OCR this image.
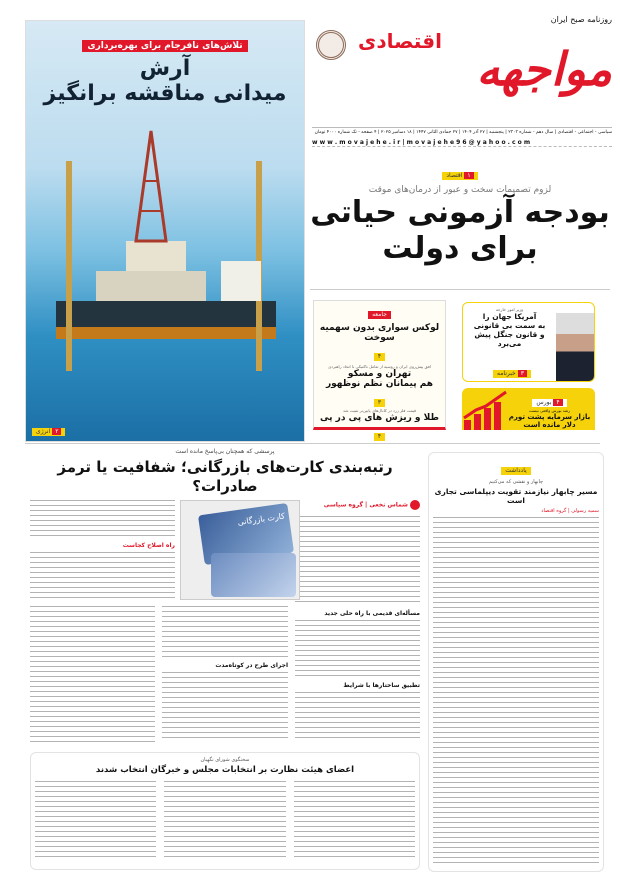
تلاش‌های نافرجام برای بهره‌برداری
آرش
میدانی مناقشه برانگیز
۲انرژی
روزنامه صبح ایران
مواجهه
اقتصادی
سیاسی - اجتماعی - اقتصادی | سال دهم - شماره ۲۳۰۳ | پنجشنبه | ۲۷ آذر ۱۴۰۴ | ۲۷ جمادی الثانی ۱۴۴۷ | ۱۸ دسامبر ۲۰۲۵ | ۴ صفحه - تک شماره ۴۰۰۰ تومان
w w w . m o v a j e h e . i r | m o v a j e h e 9 6 @ y a h o o . c o m
۱اقتصاد
لزوم تصمیمات سخت و عبور از درمان‌های موقت
بودجه آزمونی حیاتی
برای دولت
جامعه
لوکس سواری بدون سهمیه سوخت
۴
افق پیش‌روی ایران و روسیه از تعامل تاکتیکی تا اتحاد راهبردی
تهران و مسکو
هم پیمانان نظم نوظهور
۳
قیمت فلز زرد در کانال‌های پایین‌تر تثبیت شد
طلا و ریزش های پی در پی
۴
وزیر امور خارجه
آمریکا جهان را
به سمت بی قانونی
و قانون جنگل پیش می‌برد
۳خبرنامه
۴بورس
رشد بورس واقعی نیست
بازار سرمایه پشت تورم
دلار مانده است
پرسشی که همچنان بی‌پاسخ مانده است
رتبه‌بندی کارت‌های بازرگانی؛ شفافیت یا ترمز صادرات؟
شماس نخعی | گروه سیاسی
کارت بازرگانی
راه اصلاح کجاست
مسأله‌ای قدیمی با راه حلی جدید
تطبیق ساختارها با شرایط
اجرای طرح در کوتاه‌مدت
یادداشت
چابهار و نقشی که می‌کنیم
مسیر چابهار نیازمند تقویت دیپلماسی تجاری است
سمیه رسولی | گروه اقتصاد
سخنگوی شورای نگهبان
اعضای هیئت نظارت بر انتخابات مجلس و خبرگان انتخاب شدند
